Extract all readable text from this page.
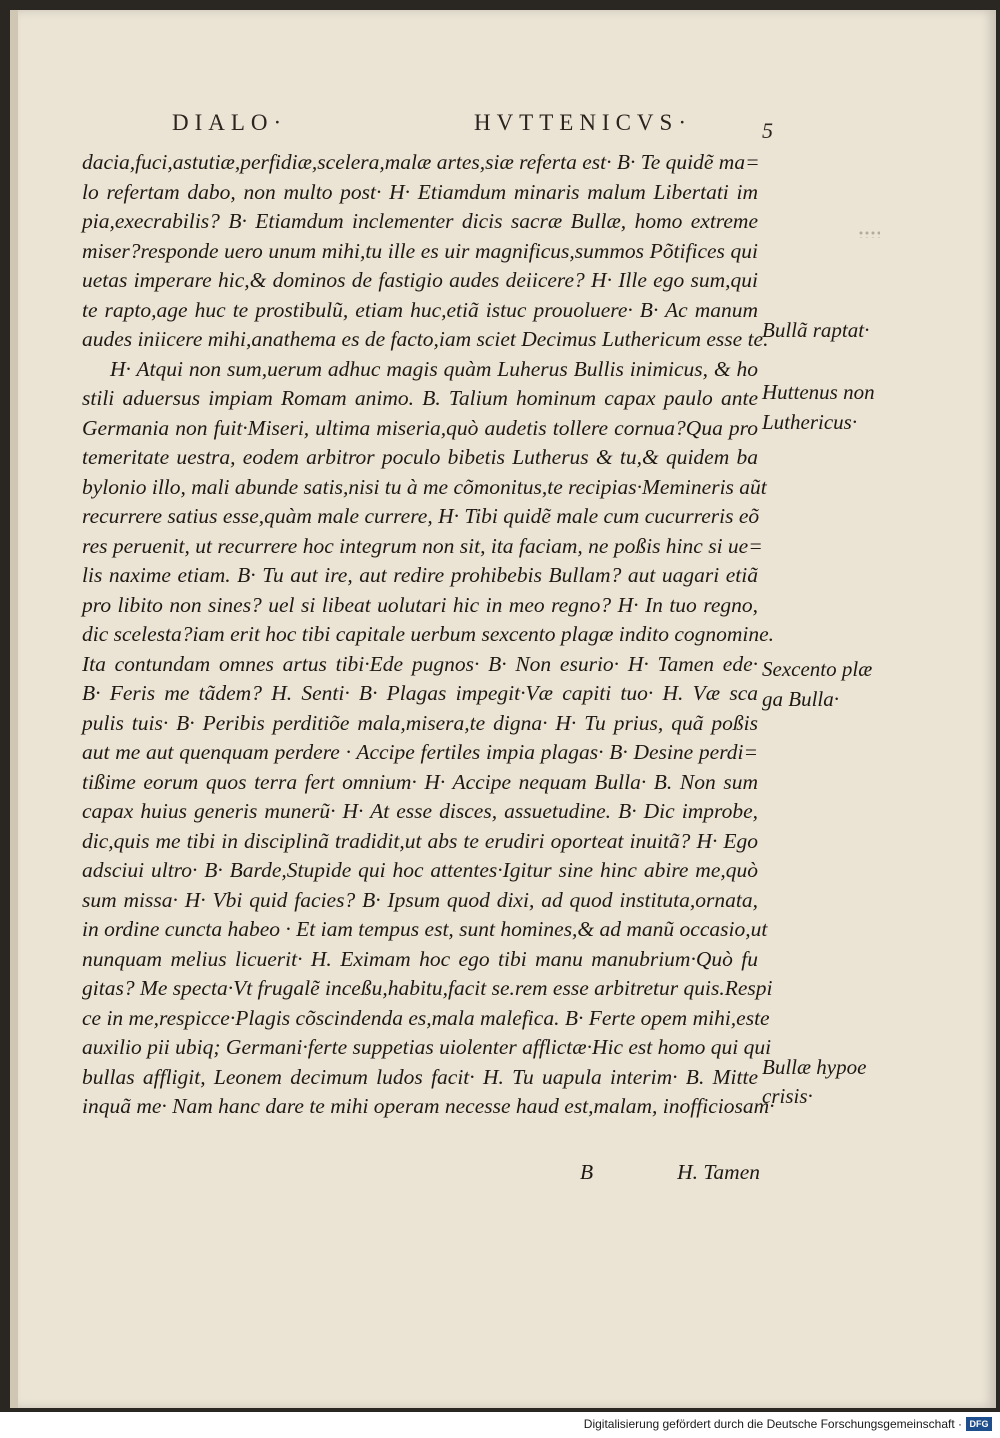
DIALO·	HVTTENICVS·	5
dacia,fuci,astutiæ,perfidiæ,scelera,malæ artes,siæ referta est· B· Te quidẽ ma=
lo refertam dabo, non multo post· H· Etiamdum minaris malum Libertati im
pia,execrabilis? B· Etiamdum inclementer dicis sacræ Bullæ, homo extreme
miser?responde uero unum mihi,tu ille es uir magnificus,summos Põtifices qui
uetas imperare hic,& dominos de fastigio audes deiicere? H· Ille ego sum,qui
te rapto,age huc te prostibulũ, etiam huc,etiã istuc prouoluere· B· Ac manum
audes iniicere mihi,anathema es de facto,iam sciet Decimus Luthericum esse te.
H· Atqui non sum,uerum adhuc magis quàm Luherus Bullis inimicus, & ho
stili aduersus impiam Romam animo. B. Talium hominum capax paulo ante
Germania non fuit·Miseri, ultima miseria,quò audetis tollere cornua?Qua pro
temeritate uestra, eodem arbitror poculo bibetis Lutherus & tu,& quidem ba
bylonio illo, mali abunde satis,nisi tu à me cõmonitus,te recipias·Memineris aũt
recurrere satius esse,quàm male currere, H· Tibi quidẽ male cum cucurreris eõ
res peruenit, ut recurrere hoc integrum non sit, ita faciam, ne poßis hinc si ue=
lis naxime etiam. B· Tu aut ire, aut redire prohibebis Bullam? aut uagari etiã
pro libito non sines? uel si libeat uolutari hic in meo regno? H· In tuo regno,
dic scelesta?iam erit hoc tibi capitale uerbum sexcento plagæ indito cognomine.
Ita contundam omnes artus tibi·Ede pugnos· B· Non esurio· H· Tamen ede·
B· Feris me tãdem? H. Senti· B· Plagas impegit·Væ capiti tuo· H. Væ sca
pulis tuis· B· Peribis perditiõe mala,misera,te digna· H· Tu prius, quã poßis
aut me aut quenquam perdere · Accipe fertiles impia plagas· B· Desine perdi=
tißime eorum quos terra fert omnium· H· Accipe nequam Bulla· B. Non sum
capax huius generis munerũ· H· At esse disces, assuetudine. B· Dic improbe,
dic,quis me tibi in disciplinã tradidit,ut abs te erudiri oporteat inuitã? H· Ego
adsciui ultro· B· Barde,Stupide qui hoc attentes·Igitur sine hinc abire me,quò
sum missa· H· Vbi quid facies? B· Ipsum quod dixi, ad quod instituta,ornata,
in ordine cuncta habeo · Et iam tempus est, sunt homines,& ad manũ occasio,ut
nunquam melius licuerit· H. Eximam hoc ego tibi manu manubrium·Quò fu
gitas? Me specta·Vt frugalẽ inceßu,habitu,facit se.rem esse arbitretur quis.Respi
ce in me,respicce·Plagis cõscindenda es,mala malefica. B· Ferte opem mihi,este
auxilio pii ubiq; Germani·ferte suppetias uiolenter afflictæ·Hic est homo qui qui
bullas affligit, Leonem decimum ludos facit· H. Tu uapula interim· B. Mitte
inquã me· Nam hanc dare te mihi operam necesse haud est,malam, inofficiosam·
B	H. Tamen
Bullã raptat·
Huttenus non
Luthericus·
Sexcento plæ
ga Bulla·
Bullæ hypoe
crisis·
Digitalisierung gefördert durch die Deutsche Forschungsgemeinschaft · DFG
